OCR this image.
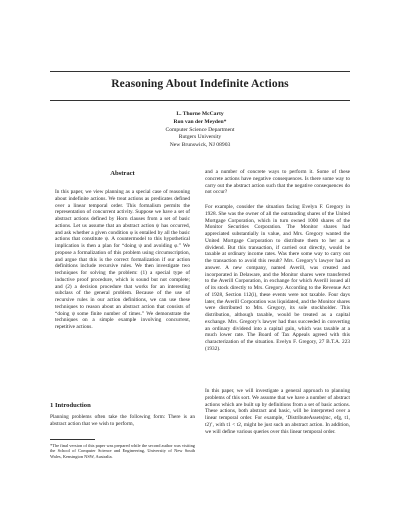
Reasoning About Indefinite Actions
L. Thorne McCarty
Ron van der Meyden*
Computer Science Department
Rutgers University
New Brunswick, NJ 08903
Abstract

In this paper, we view planning as a special case of reasoning about indefinite actions. We treat actions as predicates defined over a linear temporal order. This formalism permits the representation of concurrent activity. Suppose we have a set of abstract actions defined by Horn clauses from a set of basic actions. Let us assume that an abstract action ψ has occurred, and ask whether a given condition φ is entailed by all the basic actions that constitute ψ. A countermodel to this hypothetical implication is then a plan for “doing ψ and avoiding φ.” We propose a formalization of this problem using circumscription, and argue that this is the correct formalization if our action definitions include recursive rules. We then investigate two techniques for solving the problem: (1) a special type of inductive proof procedure, which is sound but not complete; and (2) a decision procedure that works for an interesting subclass of the general problem. Because of the use of recursive rules in our action definitions, we can use these techniques to reason about an abstract action that consists of “doing ψ some finite number of times.” We demonstrate the techniques on a simple example involving concurrent, repetitive actions.

1 Introduction

Planning problems often take the following form: There is an abstract action that we wish to perform,

*The final version of this paper was prepared while the second author was visiting the School of Computer Science and Engineering, University of New South Wales, Kensington NSW, Australia.

and a number of concrete ways to perform it. Some of these concrete actions have negative consequences. Is there some way to carry out the abstract action such that the negative consequences do not occur?

For example, consider the situation facing Evelyn F. Gregory in 1928. She was the owner of all the outstanding shares of the United Mortgage Corporation, which in turn owned 1000 shares of the Monitor Securities Corporation. The Monitor shares had appreciated substantially in value, and Mrs. Gregory wanted the United Mortgage Corporation to distribute them to her as a dividend. But this transaction, if carried out directly, would be taxable at ordinary income rates. Was there some way to carry out the transaction to avoid this result? Mrs. Gregory’s lawyer had an answer. A new company, named Averill, was created and incorporated in Delaware, and the Monitor shares were transferred to the Averill Corporation, in exchange for which Averill issued all of its stock directly to Mrs. Gregory. According to the Revenue Act of 1928, Section 112(i), these events were not taxable. Four days later, the Averill Corporation was liquidated, and the Monitor shares were distributed to Mrs. Gregory, its sole stockholder. This distribution, although taxable, would be treated as a capital exchange. Mrs. Gregory’s lawyer had thus succeeded in converting an ordinary dividend into a capital gain, which was taxable at a much lower rate. The Board of Tax Appeals agreed with this characterization of the situation. Evelyn F. Gregory, 27 B.T.A. 223 (1932).

In this paper, we will investigate a general approach to planning problems of this sort. We assume that we have a number of abstract actions which are built up by definitions from a set of basic actions. These actions, both abstract and basic, will be interpreted over a linear temporal order. For example, ‘DistributeAssets(mc, efg, t1, t2)’, with t1 < t2, might be just such an abstract action. In addition, we will define various queries over this linear temporal order.
